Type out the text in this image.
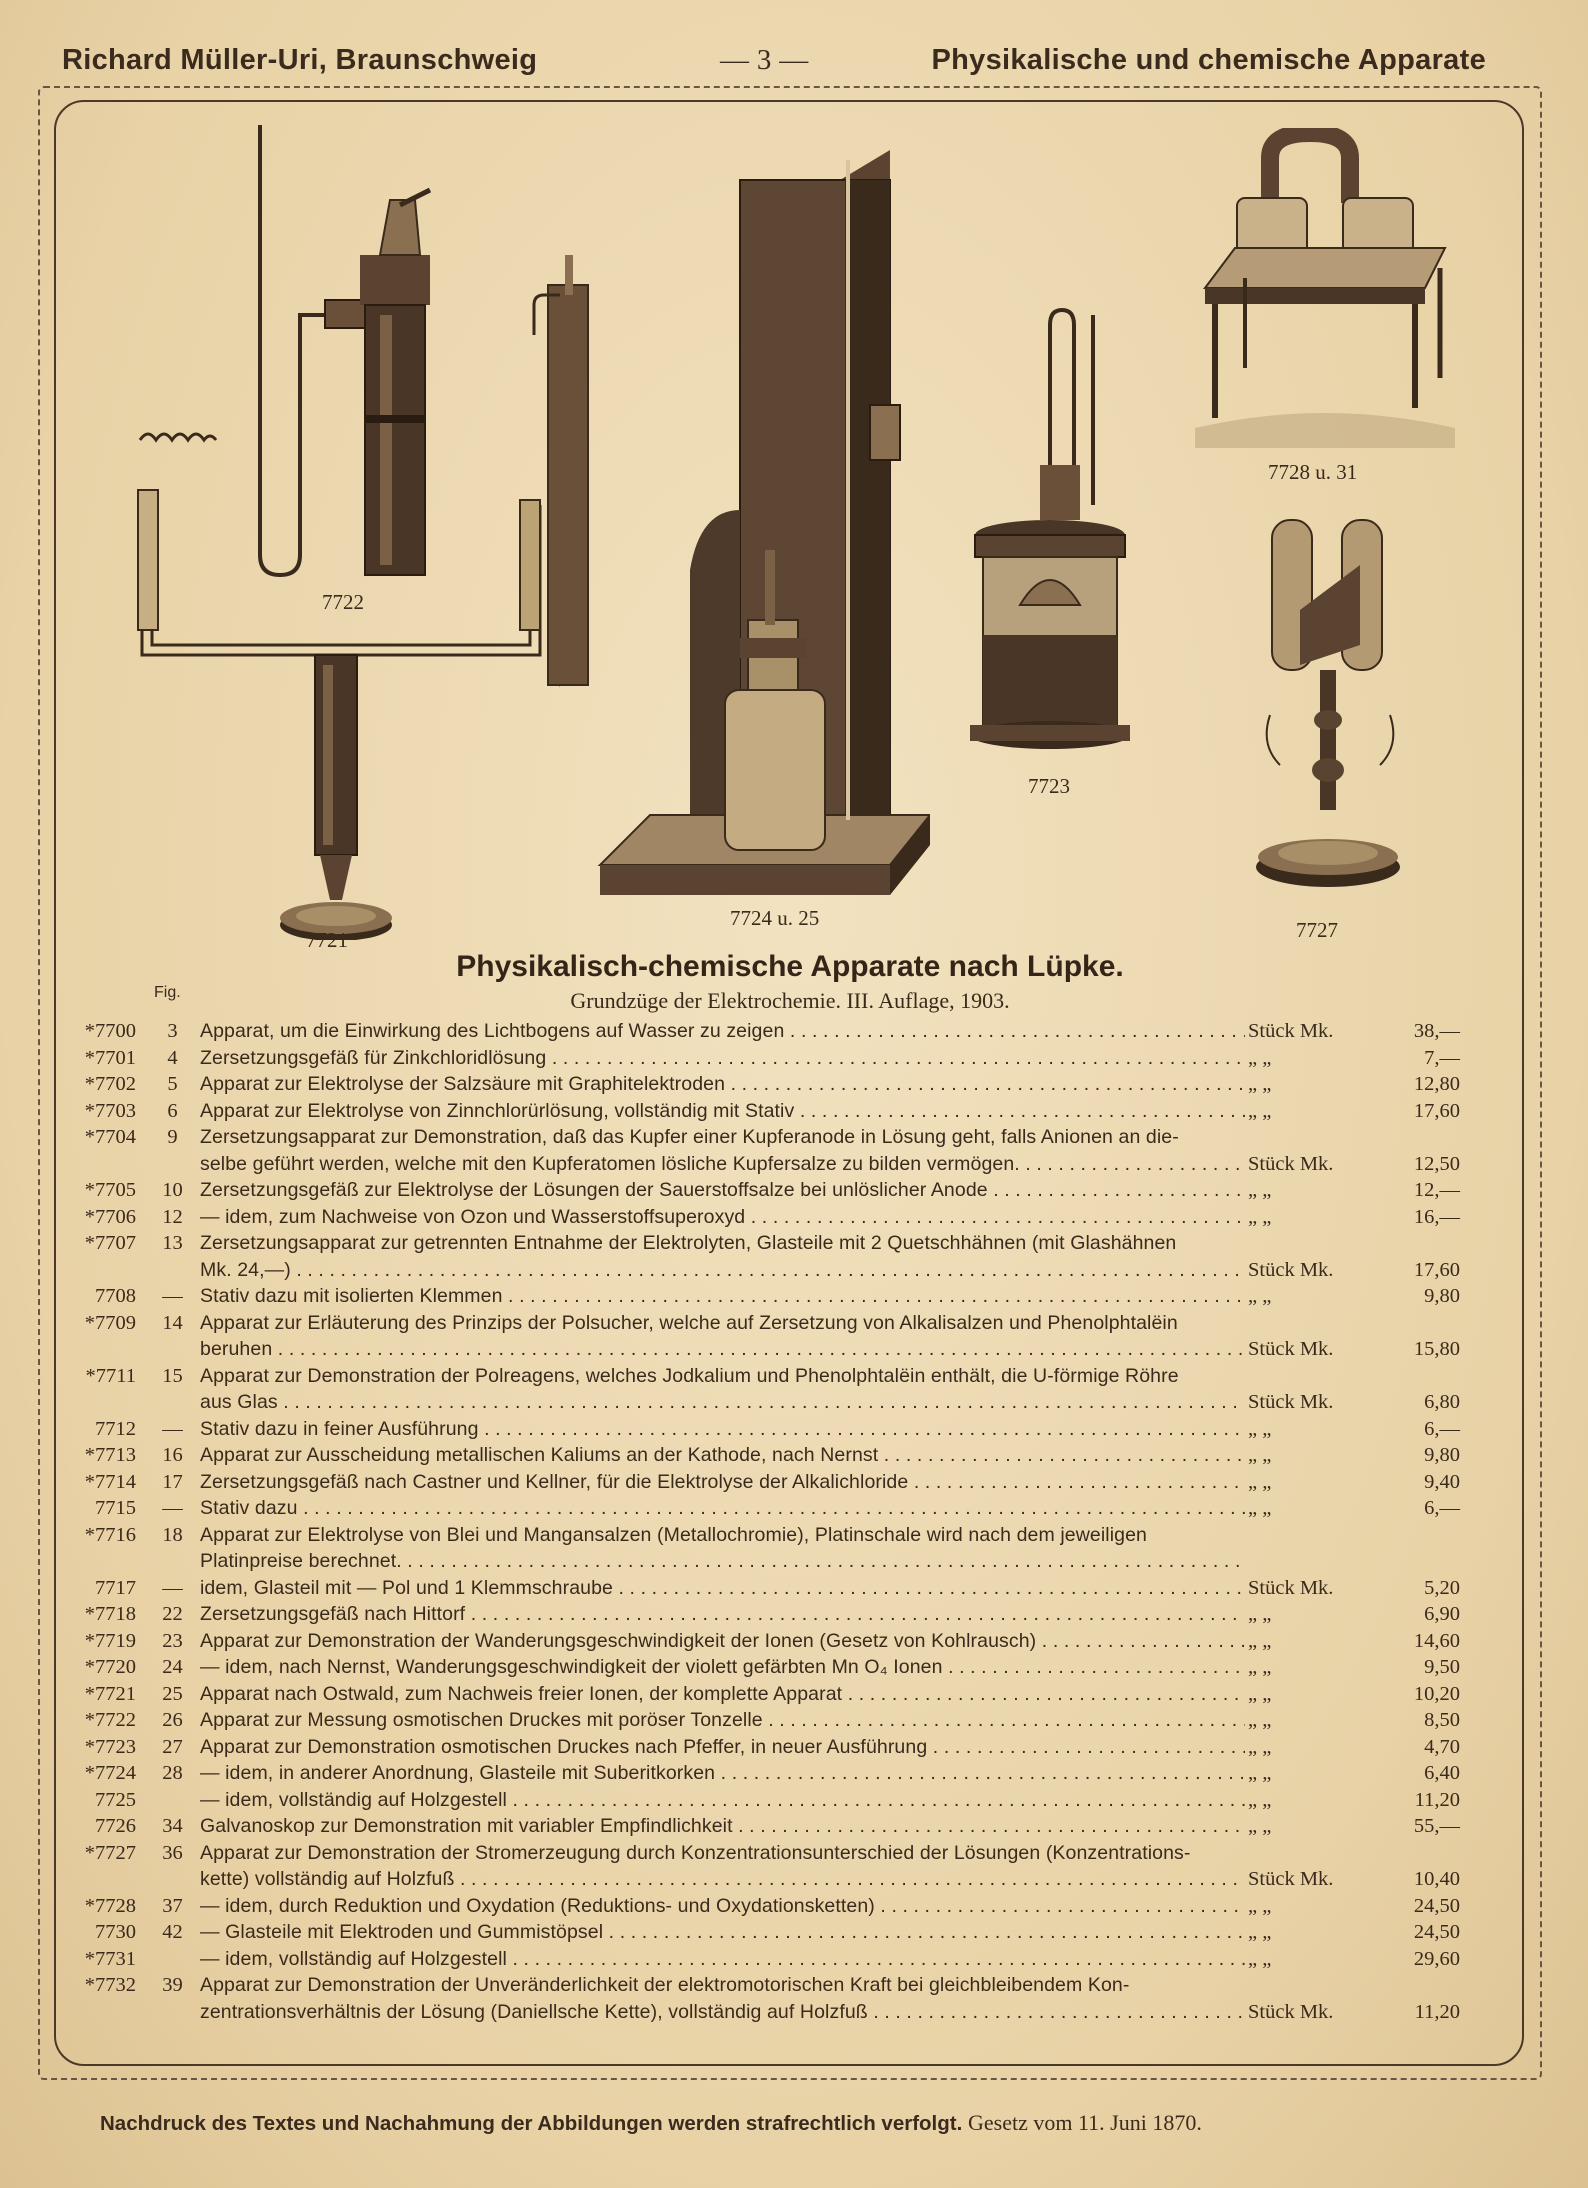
Richard Müller-Uri, Braunschweig	— 3 —	Physikalische und chemische Apparate
7721
7722
7724 u. 25
7723
7728 u. 31
7727
Physikalisch-chemische Apparate nach Lüpke.
Grundzüge der Elektrochemie. III. Auflage, 1903.
Fig.
*7700	3	Apparat, um die Einwirkung des Lichtbogens auf Wasser zu zeigen . . .	Stück Mk.	38,—
*7701	4	Zersetzungsgefäß für Zinkchloridlösung . . .	„ „	7,—
*7702	5	Apparat zur Elektrolyse der Salzsäure mit Graphitelektroden . . .	„ „	12,80
*7703	6	Apparat zur Elektrolyse von Zinnchlorürlösung, vollständig mit Stativ . . .	„ „	17,60
*7704	9	Zersetzungsapparat zur Demonstration, daß das Kupfer einer Kupferanode in Lösung geht, falls Anionen an die-
selbe geführt werden, welche mit den Kupferatomen lösliche Kupfersalze zu bilden vermögen. . . .	Stück Mk.	12,50
*7705	10 Zersetzungsgefäß zur Elektrolyse der Lösungen der Sauerstoffsalze bei unlöslicher Anode . . .	„ „	12,—
*7706	12 — idem, zum Nachweise von Ozon und Wasserstoffsuperoxyd . . .	„ „	16,—
*7707	13 Zersetzungsapparat zur getrennten Entnahme der Elektrolyten, Glasteile mit 2 Quetschhähnen (mit Glashähnen
Mk. 24,—) . . .	Stück Mk.	17,60
7708	— Stativ dazu mit isolierten Klemmen . . .	„ „	9,80
*7709	14 Apparat zur Erläuterung des Prinzips der Polsucher, welche auf Zersetzung von Alkalisalzen und Phenolphtalëin
beruhen . . .	Stück Mk.	15,80
*7711	15 Apparat zur Demonstration der Polreagens, welches Jodkalium und Phenolphtalëin enthält, die U-förmige Röhre
aus Glas . . .	Stück Mk.	6,80
7712	— Stativ dazu in feiner Ausführung . . .	„ „	6,—
*7713	16 Apparat zur Ausscheidung metallischen Kaliums an der Kathode, nach Nernst . . .	„ „	9,80
*7714	17 Zersetzungsgefäß nach Castner und Kellner, für die Elektrolyse der Alkalichloride . . .	„ „	9,40
7715	— Stativ dazu . . .	„ „	6,—
*7716	18 Apparat zur Elektrolyse von Blei und Mangansalzen (Metallochromie), Platinschale wird nach dem jeweiligen
Platinpreise berechnet. . . .
7717	— idem, Glasteil mit — Pol und 1 Klemmschraube . . .	Stück Mk.	5,20
*7718	22 Zersetzungsgefäß nach Hittorf . . .	„ „	6,90
*7719	23 Apparat zur Demonstration der Wanderungsgeschwindigkeit der Ionen (Gesetz von Kohlrausch) . . .	„ „	14,60
*7720	24 — idem, nach Nernst, Wanderungsgeschwindigkeit der violett gefärbten Mn O₄ Ionen . . .	„ „	9,50
*7721	25 Apparat nach Ostwald, zum Nachweis freier Ionen, der komplette Apparat . . .	„ „	10,20
*7722	26 Apparat zur Messung osmotischen Druckes mit poröser Tonzelle . . .	„ „	8,50
*7723	27 Apparat zur Demonstration osmotischen Druckes nach Pfeffer, in neuer Ausführung . . .	„ „	4,70
*7724	28 — idem, in anderer Anordnung, Glasteile mit Suberitkorken . . .	„ „	6,40
7725	— idem, vollständig auf Holzgestell . . .	„ „	11,20
7726	34 Galvanoskop zur Demonstration mit variabler Empfindlichkeit . . .	„ „	55,—
*7727	36 Apparat zur Demonstration der Stromerzeugung durch Konzentrationsunterschied der Lösungen (Konzentrations-
kette) vollständig auf Holzfuß . . .	Stück Mk.	10,40
*7728	37 — idem, durch Reduktion und Oxydation (Reduktions- und Oxydationsketten) . . .	„ „	24,50
7730	42 — Glasteile mit Elektroden und Gummistöpsel . . .	„ „	24,50
*7731	— idem, vollständig auf Holzgestell . . .	„ „	29,60
*7732	39 Apparat zur Demonstration der Unveränderlichkeit der elektromotorischen Kraft bei gleichbleibendem Kon-
zentrationsverhältnis der Lösung (Daniellsche Kette), vollständig auf Holzfuß . . .	Stück Mk.	11,20
Nachdruck des Textes und Nachahmung der Abbildungen werden strafrechtlich verfolgt. Gesetz vom 11. Juni 1870.
